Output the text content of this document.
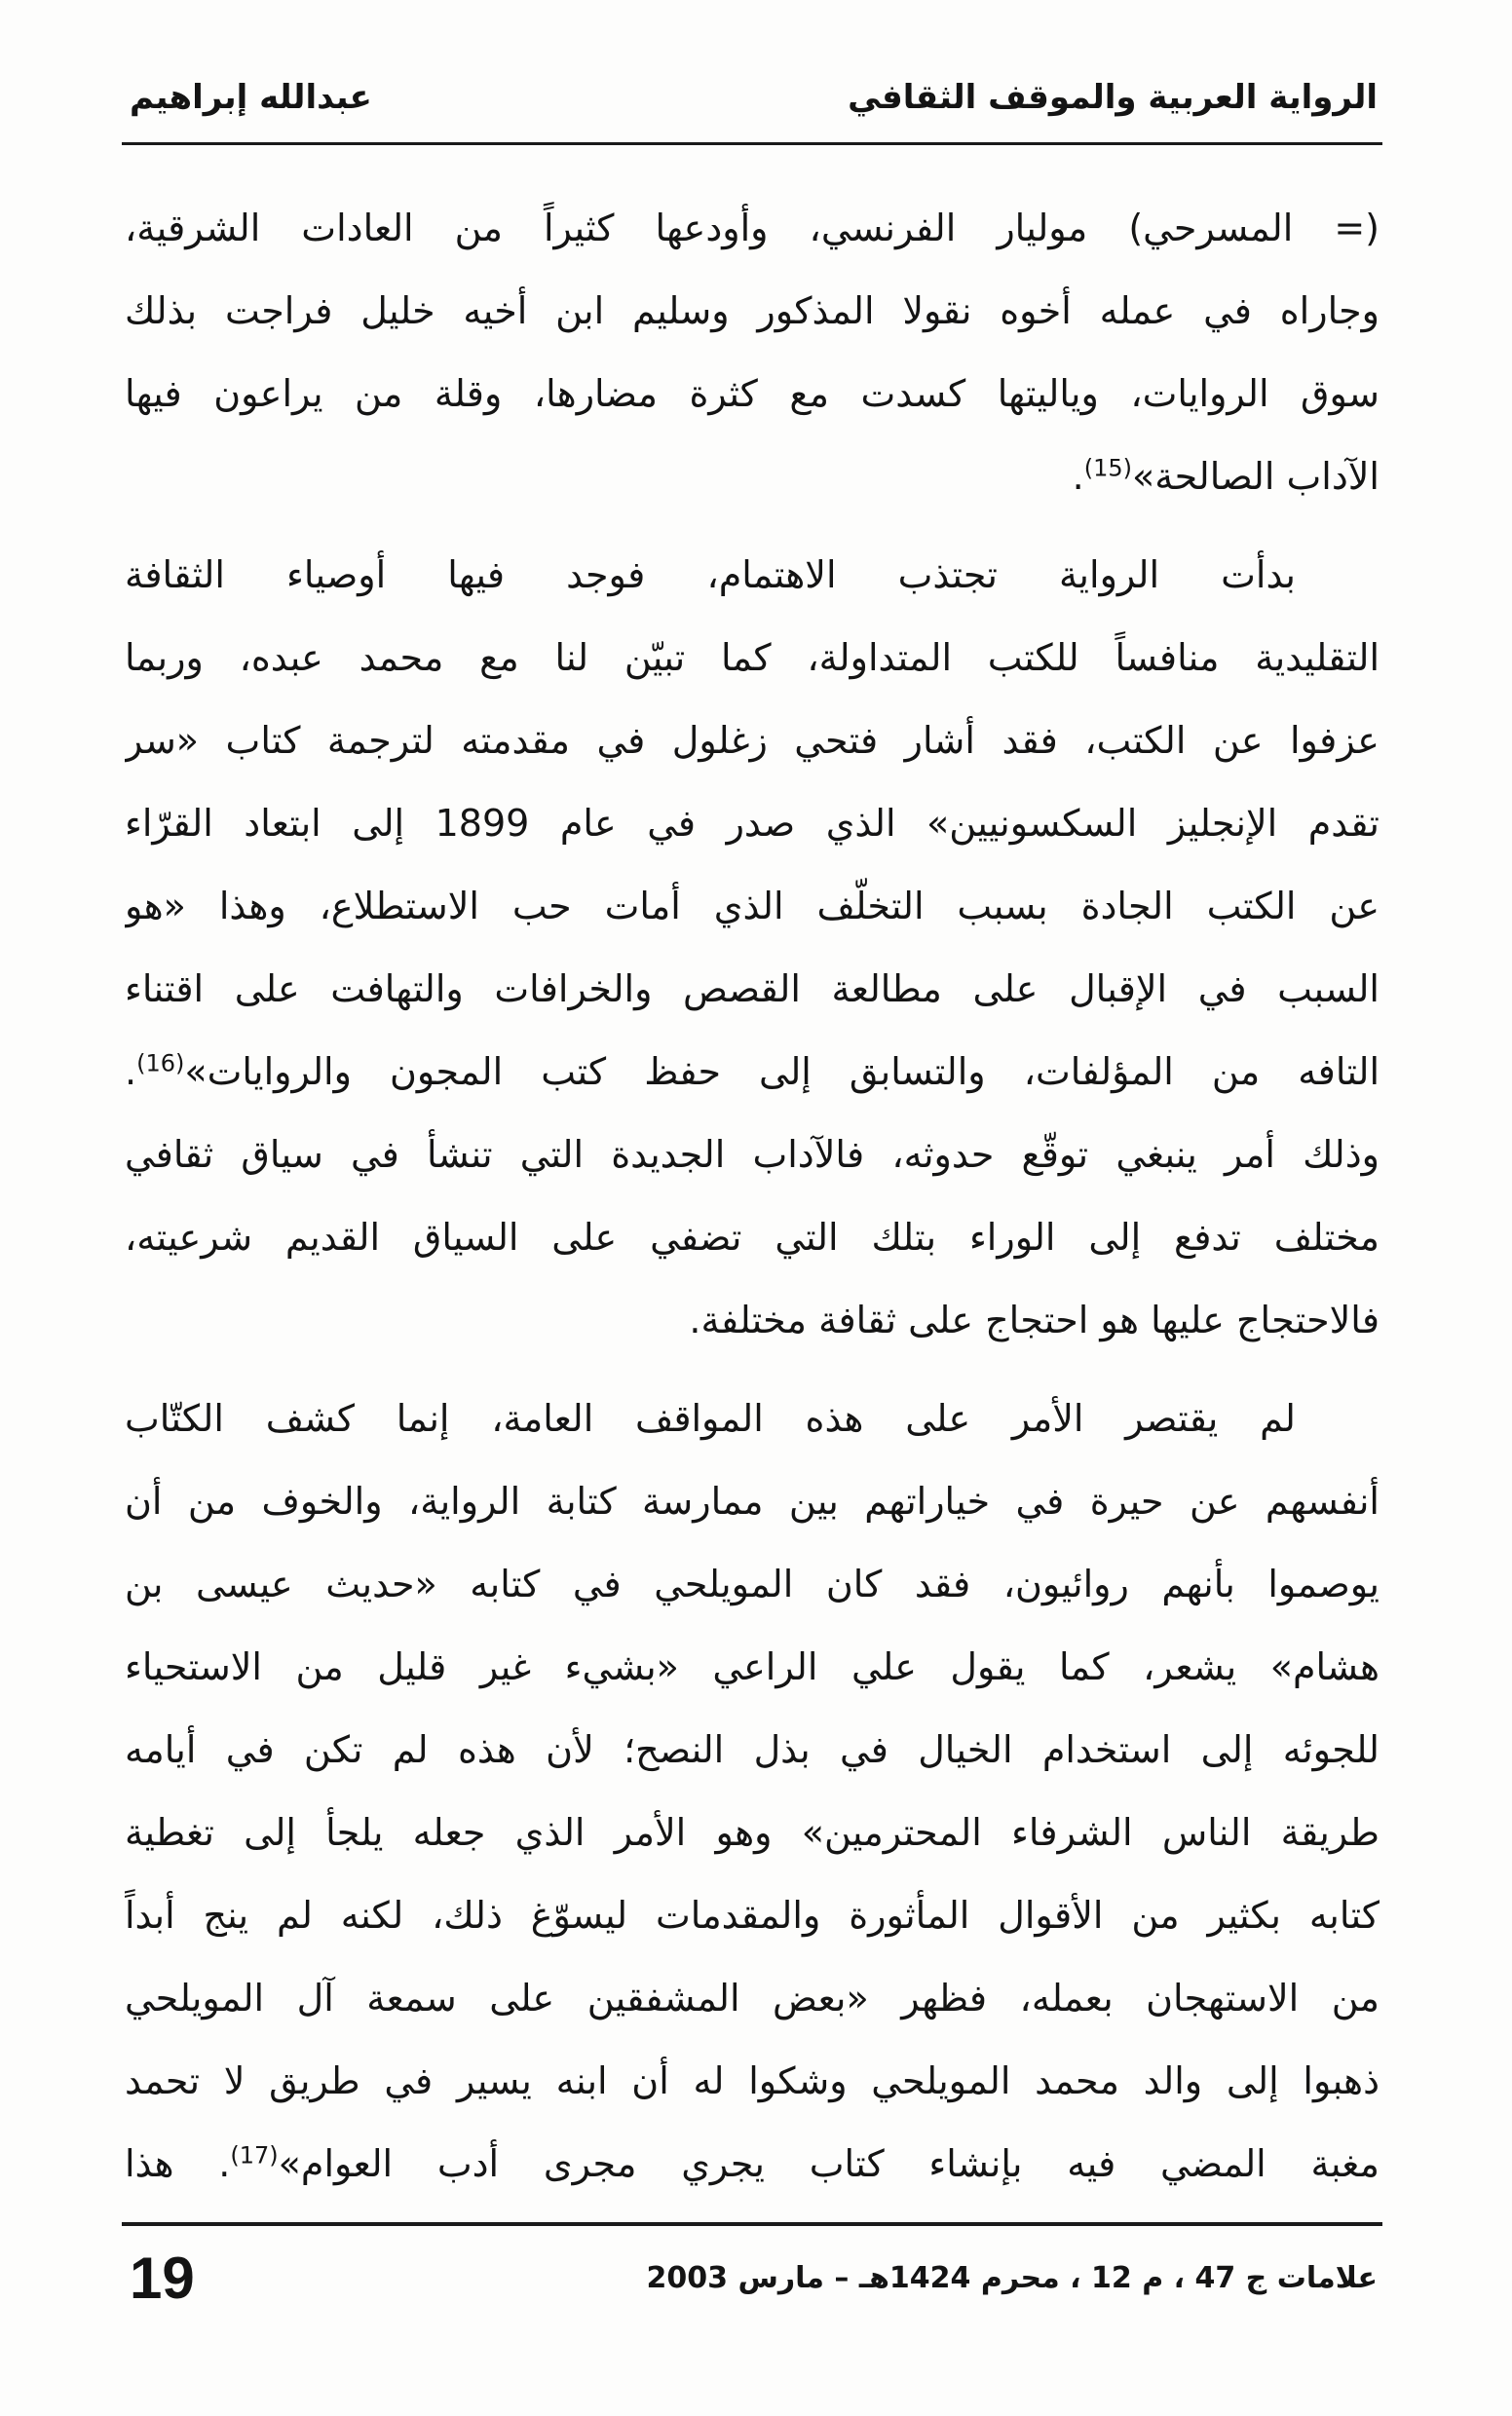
الرواية العربية والموقف الثقافي
عبدالله إبراهيم
(= المسرحي) موليار الفرنسي، وأودعها كثيراً من العادات الشرقية،
وجاراه في عمله أخوه نقولا المذكور وسليم ابن أخيه خليل فراجت بذلك
سوق الروايات، وياليتها كسدت مع كثرة مضارها، وقلة من يراعون فيها
الآداب الصالحة»$^{(15)}$.
بدأت الرواية تجتذب الاهتمام، فوجد فيها أوصياء الثقافة
التقليدية منافساً للكتب المتداولة، كما تبيّن لنا مع محمد عبده، وربما
عزفوا عن الكتب، فقد أشار فتحي زغلول في مقدمته لترجمة كتاب «سر
تقدم الإنجليز السكسونيين» الذي صدر في عام 1899 إلى ابتعاد القرّاء
عن الكتب الجادة بسبب التخلّف الذي أمات حب الاستطلاع، وهذا «هو
السبب في الإقبال على مطالعة القصص والخرافات والتهافت على اقتناء
التافه من المؤلفات، والتسابق إلى حفظ كتب المجون والروايات»$^{(16)}$.
وذلك أمر ينبغي توقّع حدوثه، فالآداب الجديدة التي تنشأ في سياق ثقافي
مختلف تدفع إلى الوراء بتلك التي تضفي على السياق القديم شرعيته،
فالاحتجاج عليها هو احتجاج على ثقافة مختلفة.
لم يقتصر الأمر على هذه المواقف العامة، إنما كشف الكتّاب
أنفسهم عن حيرة في خياراتهم بين ممارسة كتابة الرواية، والخوف من أن
يوصموا بأنهم روائيون، فقد كان المويلحي في كتابه «حديث عيسى بن
هشام» يشعر، كما يقول علي الراعي «بشيء غير قليل من الاستحياء
للجوئه إلى استخدام الخيال في بذل النصح؛ لأن هذه لم تكن في أيامه
طريقة الناس الشرفاء المحترمين» وهو الأمر الذي جعله يلجأ إلى تغطية
كتابه بكثير من الأقوال المأثورة والمقدمات ليسوّغ ذلك، لكنه لم ينج أبداً
من الاستهجان بعمله، فظهر «بعض المشفقين على سمعة آل المويلحي
ذهبوا إلى والد محمد المويلحي وشكوا له أن ابنه يسير في طريق لا تحمد
مغبة المضي فيه بإنشاء كتاب يجري مجرى أدب العوام»$^{(17)}$. هذا
علامات ج 47 ، م 12 ، محرم 1424هـ – مارس 2003
19
